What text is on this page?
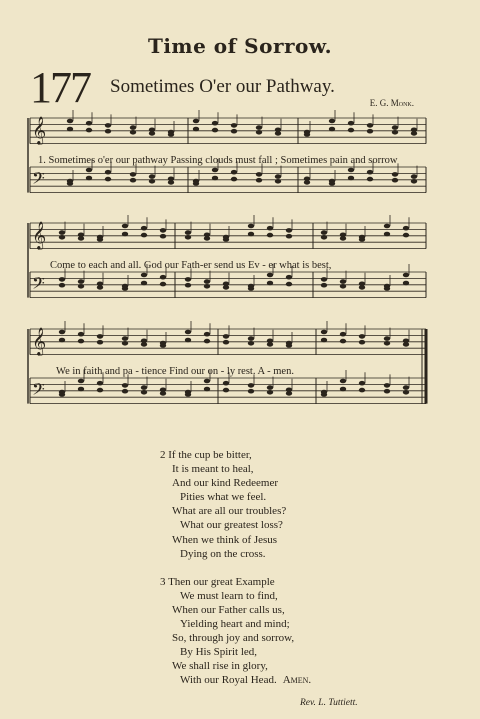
Time of Sorrow.
177 Sometimes O'er our Pathway.
E. G. Monk.
𝄞
𝄢
𝄞
𝄢
𝄞
𝄢
1. Sometimes o'er our pathway Passing clouds must fall ; Sometimes pain and sorrow
Come to each and all. God our Fath-er send us Ev - er what is best,
We in faith and pa - tience Find our on - ly rest. A - men.
2 If the cup be bitter,
It is meant to heal,
And our kind Redeemer
Pities what we feel.
What are all our troubles?
What our greatest loss?
When we think of Jesus
Dying on the cross.
3 Then our great Example
We must learn to find,
When our Father calls us,
Yielding heart and mind;
So, through joy and sorrow,
By His Spirit led,
We shall rise in glory,
With our Royal Head. Amen.
Rev. L. Tuttiett.
